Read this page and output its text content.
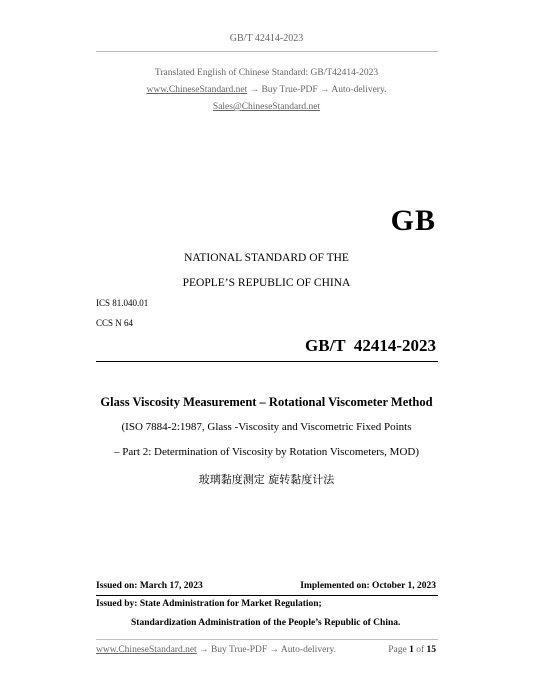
GB/T 42414-2023
Translated English of Chinese Standard: GB/T42414-2023
www.ChineseStandard.net → Buy True-PDF → Auto-delivery.
Sales@ChineseStandard.net
GB
NATIONAL STANDARD OF THE
PEOPLE’S REPUBLIC OF CHINA
ICS 81.040.01
CCS N 64
GB/T  42414-2023
Glass Viscosity Measurement – Rotational Viscometer Method
(ISO 7884-2:1987, Glass -Viscosity and Viscometric Fixed Points
– Part 2: Determination of Viscosity by Rotation Viscometers, MOD)
玻璃黏度测定 旋转黏度计法
Issued on: March 17, 2023	Implemented on: October 1, 2023
Issued by: State Administration for Market Regulation;
Standardization Administration of the People’s Republic of China.
www.ChineseStandard.net → Buy True-PDF → Auto-delivery.	Page 1 of 15
